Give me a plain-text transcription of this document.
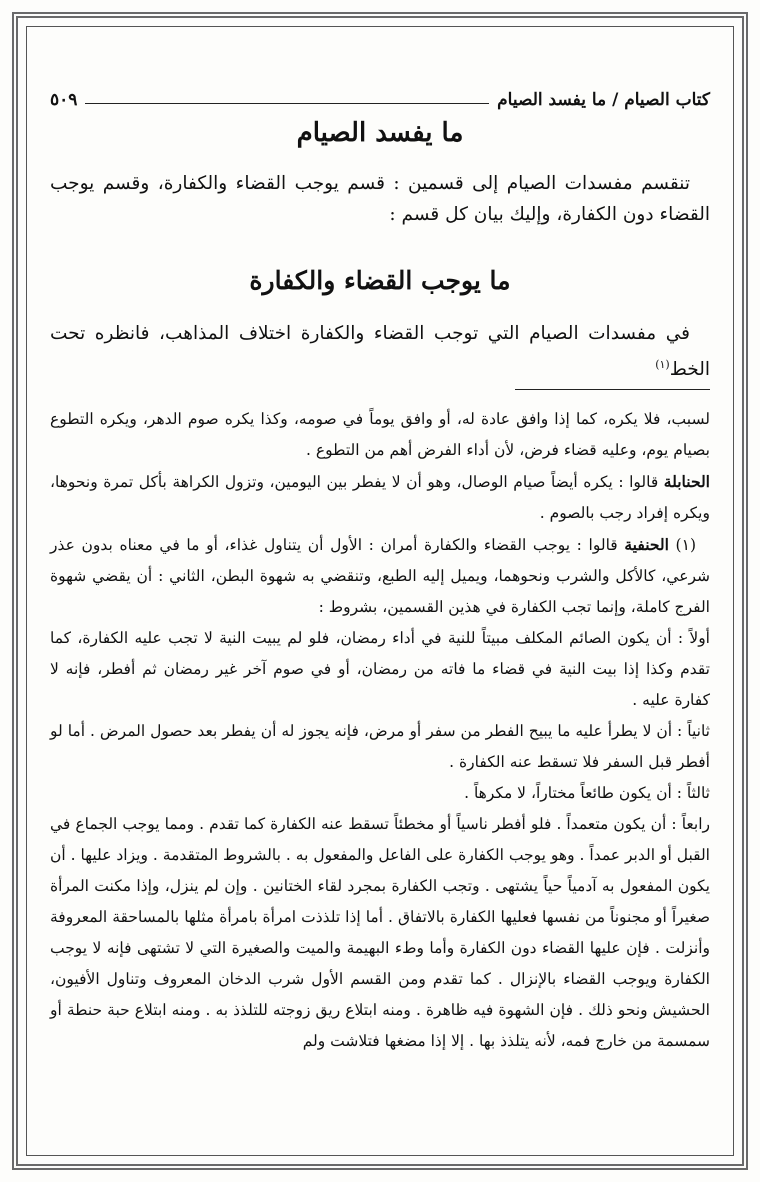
كتاب الصيام / ما يفسد الصيام
٥٠٩
ما يفسد الصيام
تنقسم مفسدات الصيام إلى قسمين : قسم يوجب القضاء والكفارة، وقسم يوجب القضاء دون الكفارة، وإليك بيان كل قسم :
ما يوجب القضاء والكفارة
في مفسدات الصيام التي توجب القضاء والكفارة اختلاف المذاهب، فانظره تحت الخط$^{(١)}$
لسبب، فلا يكره، كما إذا وافق عادة له، أو وافق يوماً في صومه، وكذا يكره صوم الدهر، ويكره التطوع بصيام يوم، وعليه قضاء فرض، لأن أداء الفرض أهم من التطوع .
الحنابلة قالوا : يكره أيضاً صيام الوصال، وهو أن لا يفطر بين اليومين، وتزول الكراهة بأكل تمرة ونحوها، ويكره إفراد رجب بالصوم .
(١) الحنفية قالوا : يوجب القضاء والكفارة أمران : الأول أن يتناول غذاء، أو ما في معناه بدون عذر شرعي، كالأكل والشرب ونحوهما، ويميل إليه الطبع، وتنقضي به شهوة البطن، الثاني : أن يقضي شهوة الفرج كاملة، وإنما تجب الكفارة في هذين القسمين، بشروط :
أولاً : أن يكون الصائم المكلف مبيتاً للنية في أداء رمضان، فلو لم يبيت النية لا تجب عليه الكفارة، كما تقدم وكذا إذا بيت النية في قضاء ما فاته من رمضان، أو في صوم آخر غير رمضان ثم أفطر، فإنه لا كفارة عليه .
ثانياً : أن لا يطرأ عليه ما يبيح الفطر من سفر أو مرض، فإنه يجوز له أن يفطر بعد حصول المرض . أما لو أفطر قبل السفر فلا تسقط عنه الكفارة .
ثالثاً : أن يكون طائعاً مختاراً، لا مكرهاً .
رابعاً : أن يكون متعمداً . فلو أفطر ناسياً أو مخطئاً تسقط عنه الكفارة كما تقدم . ومما يوجب الجماع في القبل أو الدبر عمداً . وهو يوجب الكفارة على الفاعل والمفعول به . بالشروط المتقدمة . ويزاد عليها . أن يكون المفعول به آدمياً حياً يشتهى . وتجب الكفارة بمجرد لقاء الختانين . وإن لم ينزل، وإذا مكنت المرأة صغيراً أو مجنوناً من نفسها فعليها الكفارة بالاتفاق . أما إذا تلذذت امرأة بامرأة مثلها بالمساحقة المعروفة وأنزلت . فإن عليها القضاء دون الكفارة وأما وطء البهيمة والميت والصغيرة التي لا تشتهى فإنه لا يوجب الكفارة ويوجب القضاء بالإنزال . كما تقدم ومن القسم الأول شرب الدخان المعروف وتناول الأفيون، الحشيش ونحو ذلك . فإن الشهوة فيه ظاهرة . ومنه ابتلاع ريق زوجته للتلذذ به . ومنه ابتلاع حبة حنطة أو سمسمة من خارج فمه، لأنه يتلذذ بها . إلا إذا مضغها فتلاشت ولم
